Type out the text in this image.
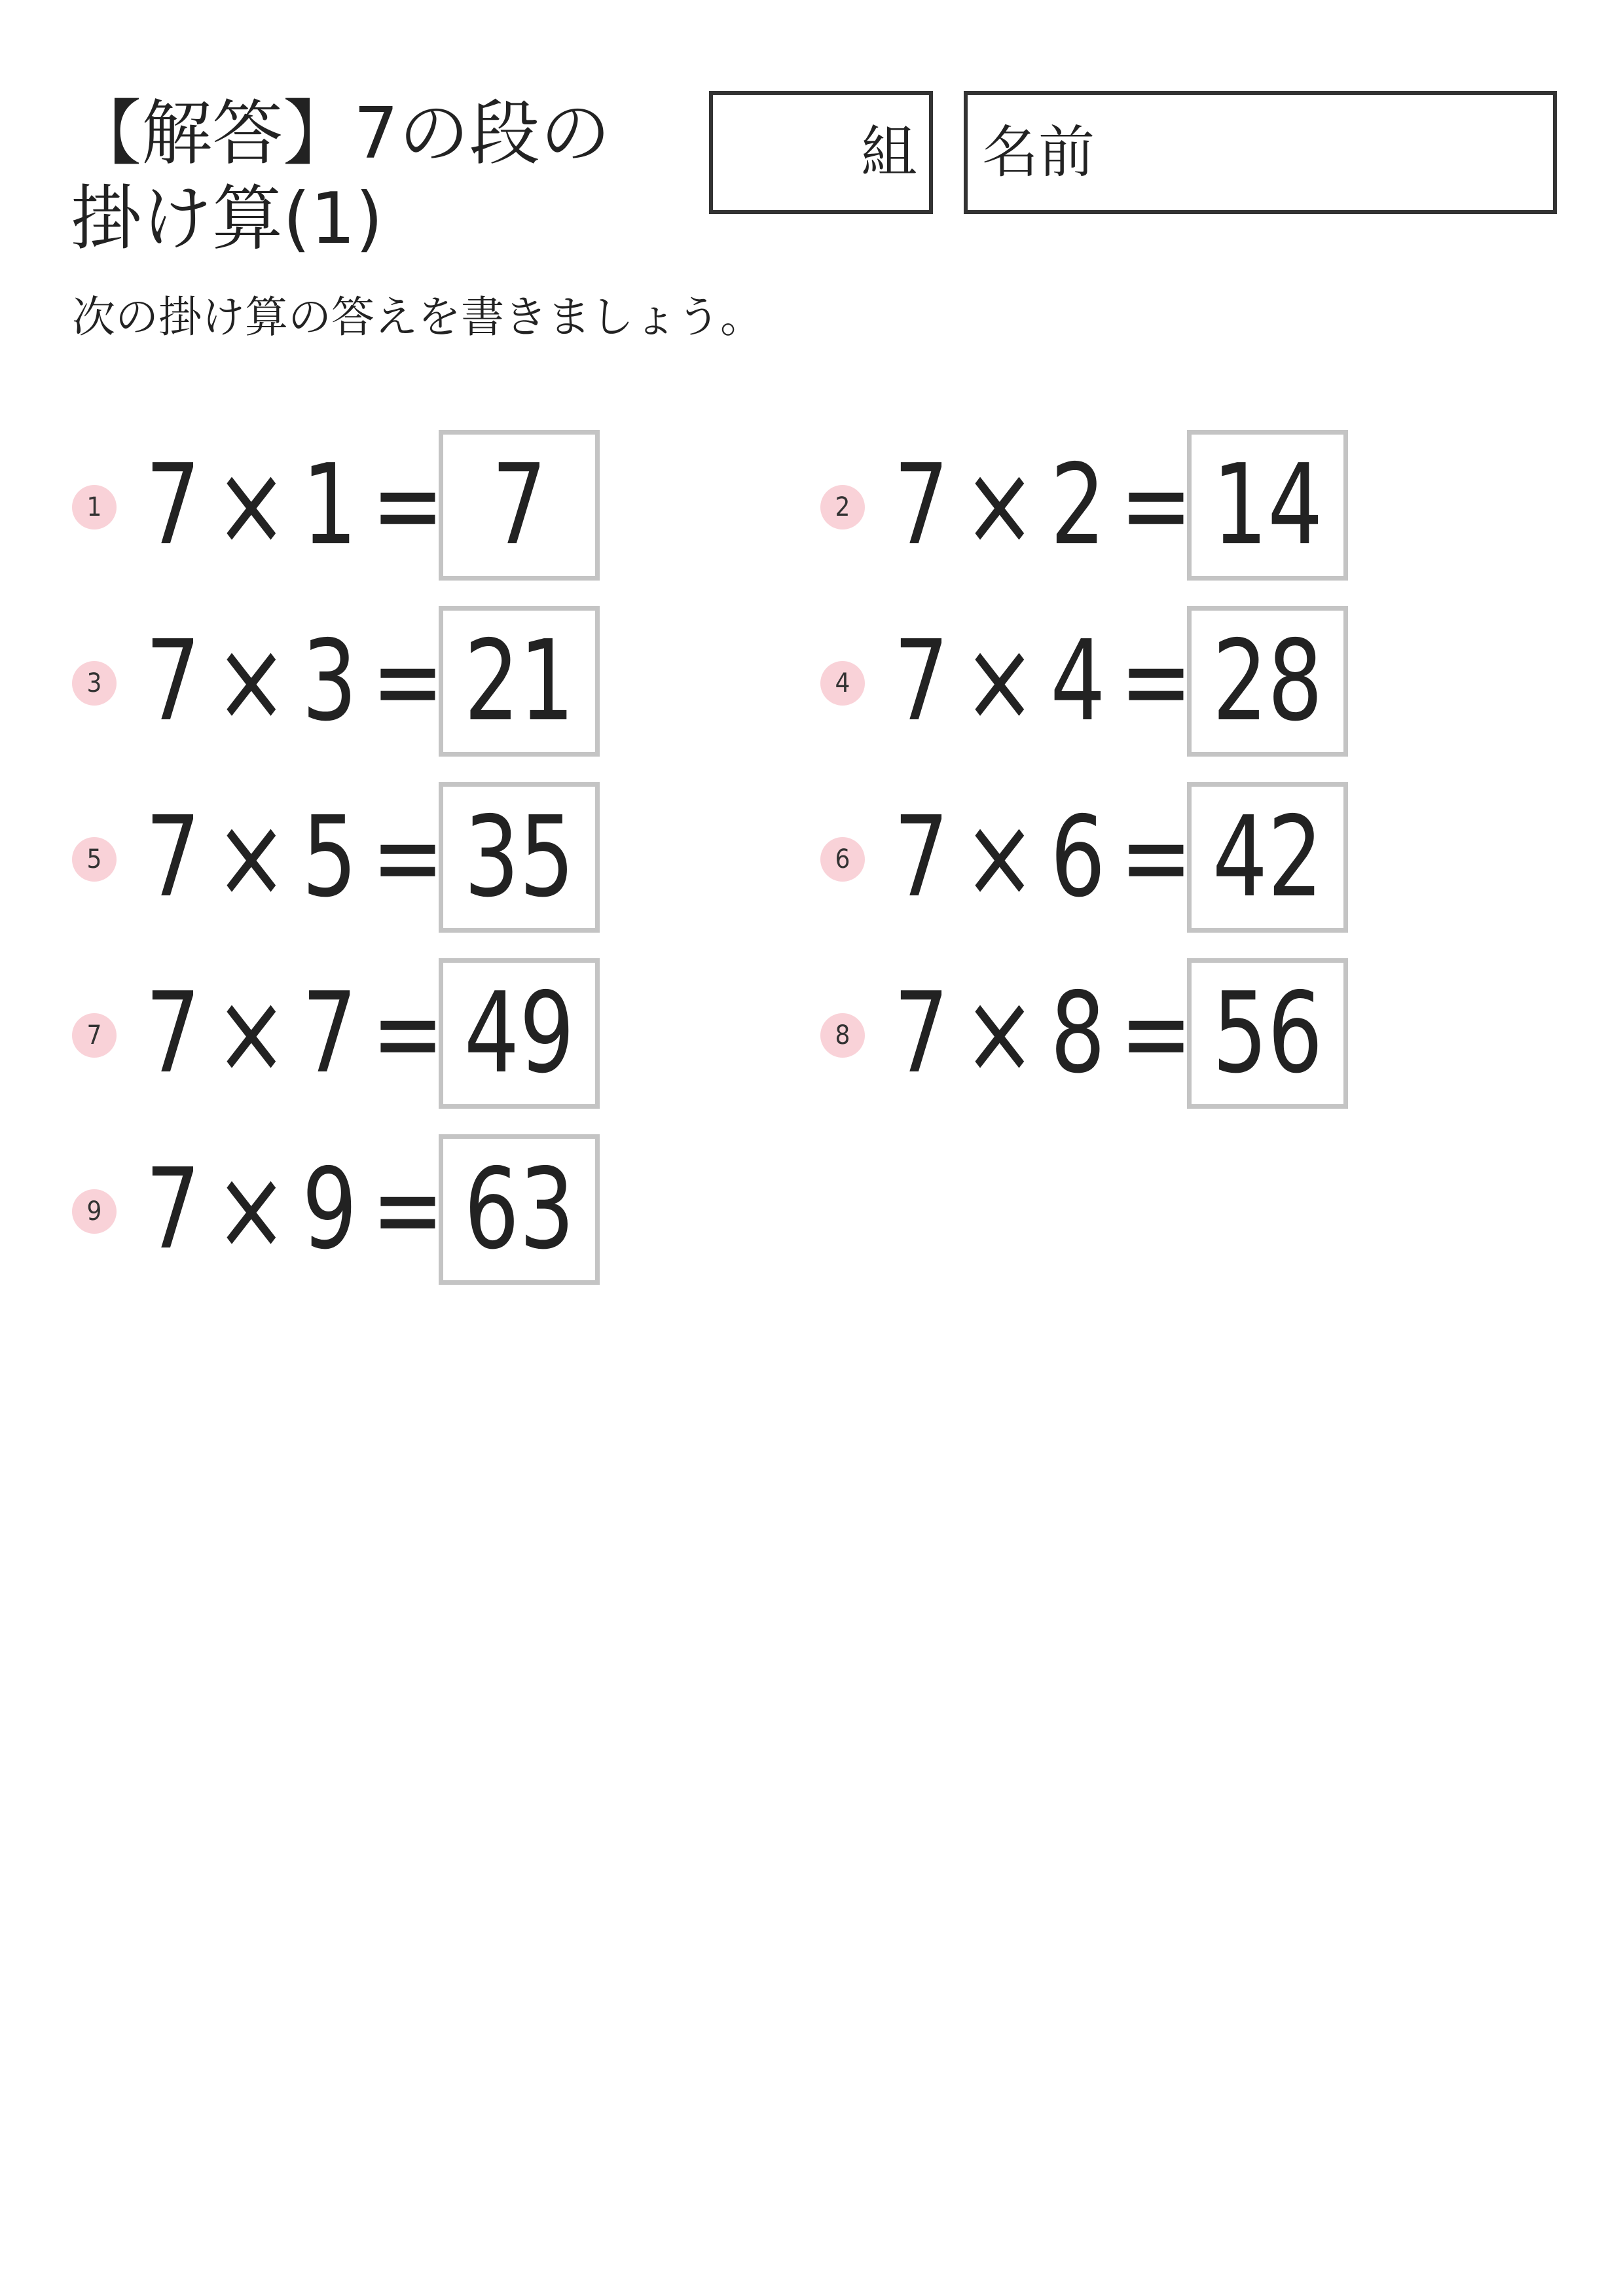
【解答】7の段の
掛け算(1)
組 名前
次の掛け算の答えを書きましょう。
1 7 × 1 = 7	2 7 × 2 = 14
3 7 × 3 = 21	4 7 × 4 = 28
5 7 × 5 = 35	6 7 × 6 = 42
7 7 × 7 = 49	8 7 × 8 = 56
9 7 × 9 = 63
